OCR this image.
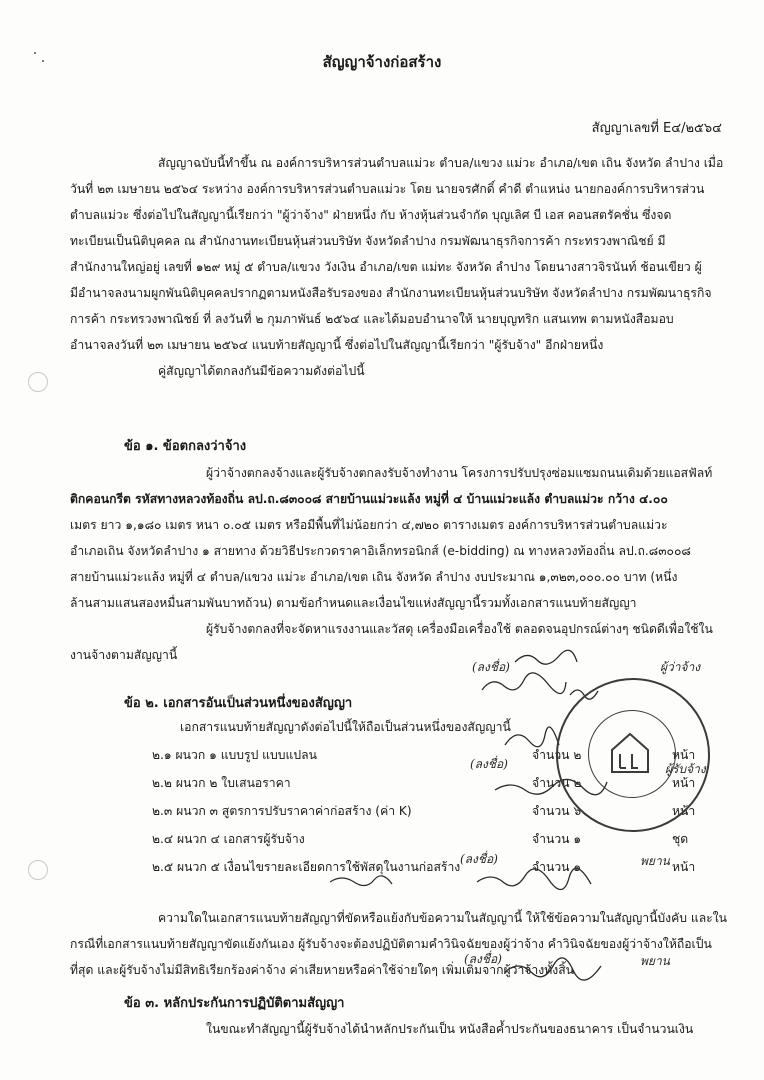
สัญญาจ้างก่อสร้าง
สัญญาเลขที่ E๔/๒๕๖๔
สัญญาฉบับนี้ทำขึ้น ณ องค์การบริหารส่วนตำบลแม่วะ ตำบล/แขวง แม่วะ อำเภอ/เขต เถิน จังหวัด ลำปาง เมื่อ
วันที่ ๒๓ เมษายน ๒๕๖๔ ระหว่าง องค์การบริหารส่วนตำบลแม่วะ โดย นายจรศักดิ์ คำดี ตำแหน่ง นายกองค์การบริหารส่วน
ตำบลแม่วะ ซึ่งต่อไปในสัญญานี้เรียกว่า "ผู้ว่าจ้าง" ฝ่ายหนึ่ง กับ ห้างหุ้นส่วนจำกัด บุญเลิศ บี เอส คอนสตรัคชั่น ซึ่งจด
ทะเบียนเป็นนิติบุคคล ณ สำนักงานทะเบียนหุ้นส่วนบริษัท จังหวัดลำปาง กรมพัฒนาธุรกิจการค้า กระทรวงพาณิชย์ มี
สำนักงานใหญ่อยู่ เลขที่ ๑๒๙ หมู่ ๕ ตำบล/แขวง วังเงิน อำเภอ/เขต แม่ทะ จังหวัด ลำปาง โดยนางสาวจิรนันท์ ช้อนเขียว ผู้
มีอำนาจลงนามผูกพันนิติบุคคลปรากฏตามหนังสือรับรองของ สำนักงานทะเบียนหุ้นส่วนบริษัท จังหวัดลำปาง กรมพัฒนาธุรกิจ
การค้า กระทรวงพาณิชย์ ที่ ลงวันที่ ๒ กุมภาพันธ์ ๒๕๖๔ และได้มอบอำนาจให้ นายบุญทริก แสนเทพ ตามหนังสือมอบ
อำนาจลงวันที่ ๒๓ เมษายน ๒๕๖๔ แนบท้ายสัญญานี้ ซึ่งต่อไปในสัญญานี้เรียกว่า "ผู้รับจ้าง" อีกฝ่ายหนึ่ง
คู่สัญญาได้ตกลงกันมีข้อความดังต่อไปนี้
ข้อ ๑. ข้อตกลงว่าจ้าง
ผู้ว่าจ้างตกลงจ้างและผู้รับจ้างตกลงรับจ้างทำงาน โครงการปรับปรุงซ่อมแซมถนนเดิมด้วยแอสฟัลท์
ติกคอนกรีต รหัสทางหลวงท้องถิ่น ลป.ถ.๘๓๐๐๘ สายบ้านแม่วะแล้ง หมู่ที่ ๔ บ้านแม่วะแล้ง ตำบลแม่วะ กว้าง ๔.๐๐
เมตร ยาว ๑,๑๘๐ เมตร หนา ๐.๐๕ เมตร หรือมีพื้นที่ไม่น้อยกว่า ๔,๗๒๐ ตารางเมตร องค์การบริหารส่วนตำบลแม่วะ
อำเภอเถิน จังหวัดลำปาง ๑ สายทาง ด้วยวิธีประกวดราคาอิเล็กทรอนิกส์ (e-bidding) ณ ทางหลวงท้องถิ่น ลป.ถ.๘๓๐๐๘
สายบ้านแม่วะแล้ง หมู่ที่ ๔ ตำบล/แขวง แม่วะ อำเภอ/เขต เถิน จังหวัด ลำปาง งบประมาณ ๑,๓๒๓,๐๐๐.๐๐ บาท (หนึ่ง
ล้านสามแสนสองหมื่นสามพันบาทถ้วน) ตามข้อกำหนดและเงื่อนไขแห่งสัญญานี้รวมทั้งเอกสารแนบท้ายสัญญา
ผู้รับจ้างตกลงที่จะจัดหาแรงงานและวัสดุ เครื่องมือเครื่องใช้ ตลอดจนอุปกรณ์ต่างๆ ชนิดดีเพื่อใช้ใน
งานจ้างตามสัญญานี้
ข้อ ๒. เอกสารอันเป็นส่วนหนึ่งของสัญญา
เอกสารแนบท้ายสัญญาดังต่อไปนี้ให้ถือเป็นส่วนหนึ่งของสัญญานี้
๒.๑ ผนวก ๑ แบบรูป แบบแปลน	จำนวน ๒	หน้า
๒.๒ ผนวก ๒ ใบเสนอราคา	จำนวน ๒	หน้า
๒.๓ ผนวก ๓ สูตรการปรับราคาค่าก่อสร้าง (ค่า K)	จำนวน ๖	หน้า
๒.๔ ผนวก ๔ เอกสารผู้รับจ้าง	จำนวน ๑	ชุด
๒.๕ ผนวก ๕ เงื่อนไขรายละเอียดการใช้พัสดุในงานก่อสร้าง	จำนวน ๑	หน้า
ความใดในเอกสารแนบท้ายสัญญาที่ขัดหรือแย้งกับข้อความในสัญญานี้ ให้ใช้ข้อความในสัญญานี้บังคับ และใน
กรณีที่เอกสารแนบท้ายสัญญาขัดแย้งกันเอง ผู้รับจ้างจะต้องปฏิบัติตามคำวินิจฉัยของผู้ว่าจ้าง คำวินิจฉัยของผู้ว่าจ้างให้ถือเป็น
ที่สุด และผู้รับจ้างไม่มีสิทธิเรียกร้องค่าจ้าง ค่าเสียหายหรือค่าใช้จ่ายใดๆ เพิ่มเติมจากผู้ว่าจ้างทั้งสิ้น
ข้อ ๓. หลักประกันการปฏิบัติตามสัญญา
ในขณะทำสัญญานี้ผู้รับจ้างได้นำหลักประกันเป็น หนังสือค้ำประกันของธนาคาร เป็นจำนวนเงิน
(ลงชื่อ)	ผู้ว่าจ้าง
(ลงชื่อ)	ผู้รับจ้าง
(ลงชื่อ)	พยาน
(ลงชื่อ)	พยาน
